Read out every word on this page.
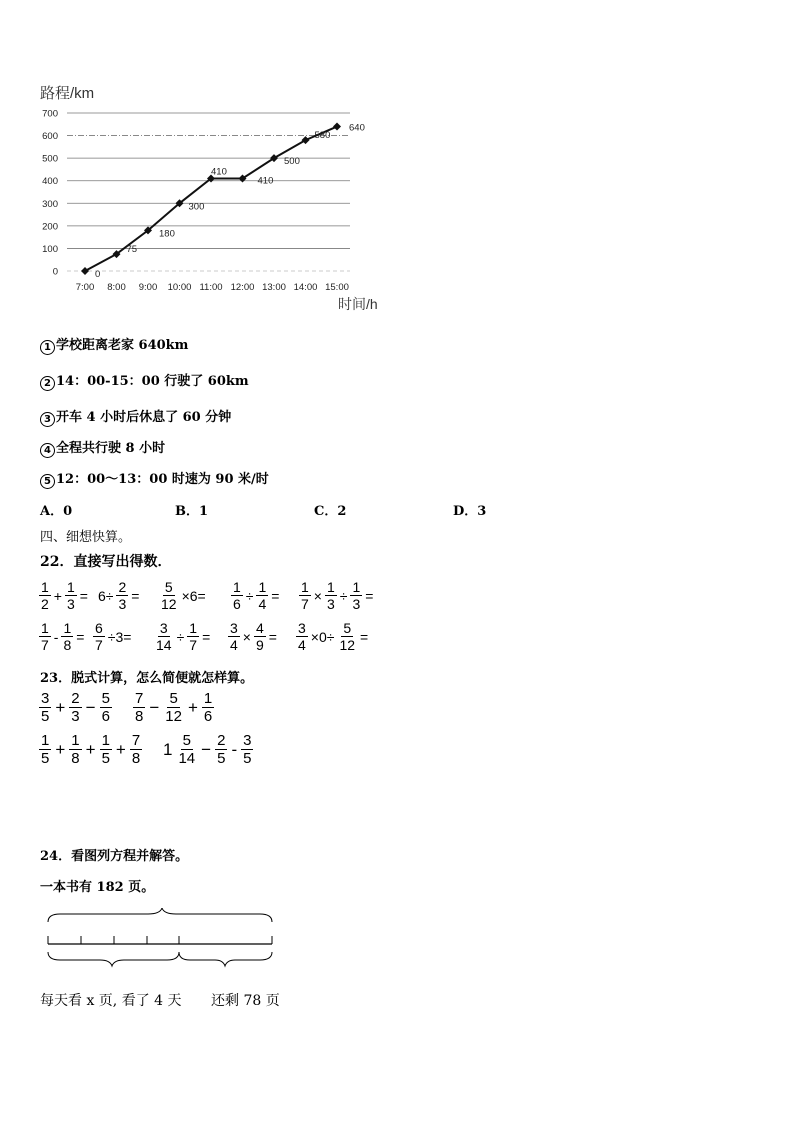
路程/km
0
100
200
300
400
500
600
700
7:00 8:00 9:00 10:00 11:00 12:00 13:00 14:00 15:00
时间/h
0
75
180
300
410
410
500
580
640
1 学校距离老家 640km
2 14：00-15：00 行驶了 60km
3 开车 4 小时后休息了 60 分钟
4 全程共行驶 8 小时
5 12：00～13：00 时速为 90 米/时
A．0	B．1	C．2	D．3
四、细想快算。
22．直接写出得数．
$\frac{1}{2} + \frac{1}{3} = 6\div \frac{2}{3} = \frac{5}{12} \times 6= \frac{1}{6} \div \frac{1}{4} = \frac{1}{7} \times \frac{1}{3} \div \frac{1}{3}$ =
$\frac{1}{7} - \frac{1}{8} = \frac{6}{7} \div 3= \frac{3}{14} \div \frac{1}{7} = \frac{3}{4} \times \frac{4}{9} = \frac{3}{4} \times 0\div \frac{5}{12}$ =
23．脱式计算，怎么简便就怎样算。
$\frac{3}{5} + \frac{2}{3} - \frac{5}{6} \frac{7}{8} - \frac{5}{12} + \frac{1}{6}$
$\frac{1}{5} + \frac{1}{8} + \frac{1}{5} + \frac{7}{8} 1 \frac{5}{14} - \frac{2}{5} - \frac{3}{5}$
24．看图列方程并解答。
一本书有 182 页。
每天看 x 页, 看了 4 天 还剩 78 页
